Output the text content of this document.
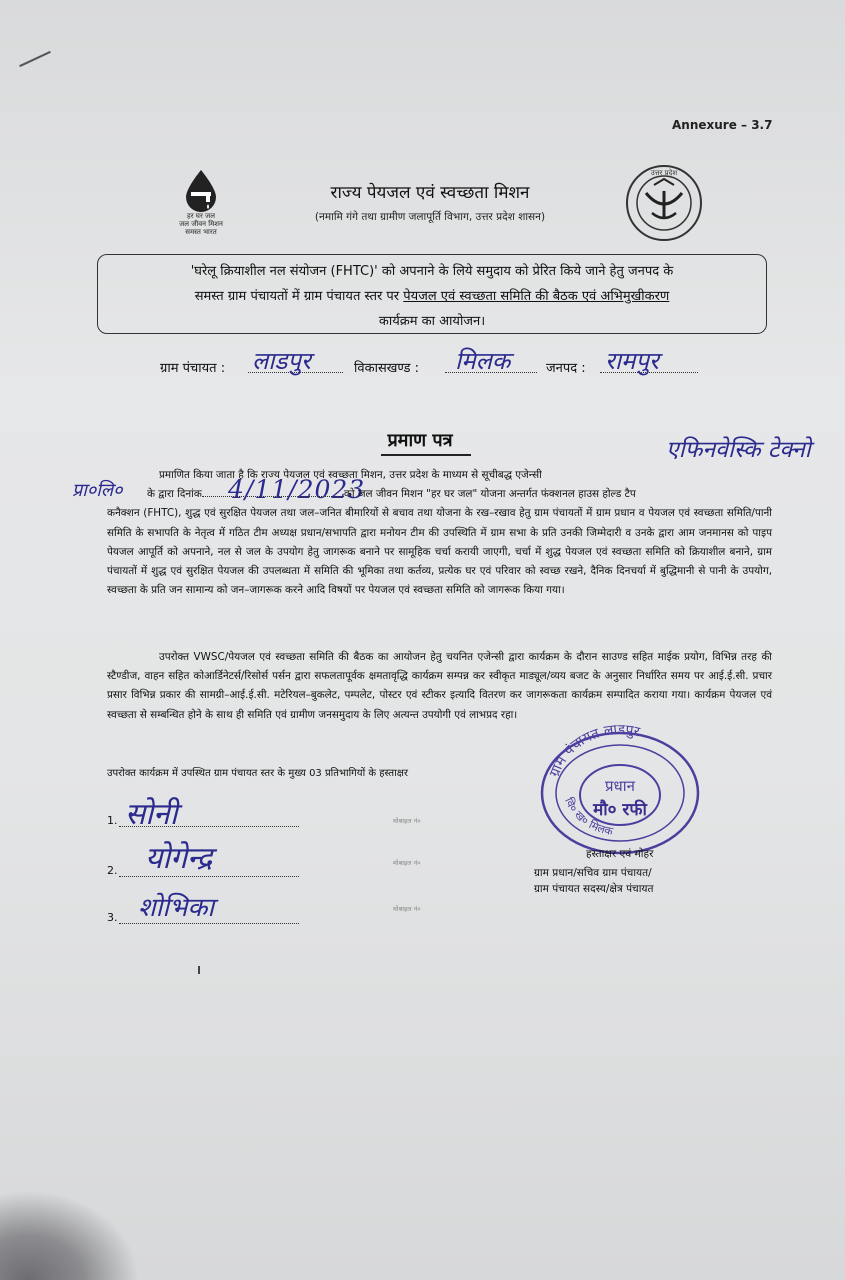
Annexure – 3.7
हर घर जल
जल जीवन मिशन
समस्त भारत
राज्य पेयजल एवं स्वच्छता मिशन
(नमामि गंगे तथा ग्रामीण जलापूर्ति विभाग, उत्तर प्रदेश शासन)
उत्तर प्रदेश
'घरेलू क्रियाशील नल संयोजन (FHTC)' को अपनाने के लिये समुदाय को प्रेरित किये जाने हेतु जनपद के
समस्त ग्राम पंचायतों में ग्राम पंचायत स्तर पर पेयजल एवं स्वच्छता समिति की बैठक एवं अभिमुखीकरण
कार्यक्रम का आयोजन।
ग्राम पंचायत : लाडपुर	विकासखण्ड : मिलक	जनपद : रामपुर
प्रमाण पत्र	एफिनवेस्कि टेक्नो
प्रा०लि०	4/11/2023
प्रमाणित किया जाता है कि राज्य पेयजल एवं स्वच्छता मिशन, उत्तर प्रदेश के माध्यम से सूचीबद्ध एजेन्सी
के द्वारा दिनांक	को जल जीवन मिशन "हर घर जल" योजना अन्तर्गत फंक्शनल हाउस होल्ड टैप
कनैक्शन (FHTC), शुद्ध एवं सुरक्षित पेयजल तथा जल–जनित बीमारियों से बचाव तथा योजना के रख–रखाव हेतु ग्राम पंचायतों में ग्राम प्रधान व पेयजल एवं स्वच्छता समिति/पानी समिति के सभापति के नेतृत्व में गठित टीम अध्यक्ष प्रधान/सभापति द्वारा मनोयन टीम की उपस्थिति में ग्राम सभा के प्रति उनकी जिम्मेदारी व उनके द्वारा आम जनमानस को पाइप पेयजल आपूर्ति को अपनाने, नल से जल के उपयोग हेतु जागरूक बनाने पर सामूहिक चर्चा करायी जाएगी, चर्चा में शुद्ध पेयजल एवं स्वच्छता समिति को क्रियाशील बनाने, ग्राम पंचायतों में शुद्ध एवं सुरक्षित पेयजल की उपलब्धता में समिति की भूमिका तथा कर्तव्य, प्रत्येक घर एवं परिवार को स्वच्छ रखने, दैनिक दिनचर्या में बुद्धिमानी से पानी के उपयोग, स्वच्छता के प्रति जन सामान्य को जन–जागरूक करने आदि विषयों पर पेयजल एवं स्वच्छता समिति को जागरूक किया गया।
उपरोक्त VWSC/पेयजल एवं स्वच्छता समिति की बैठक का आयोजन हेतु चयनित एजेन्सी द्वारा कार्यक्रम के दौरान साउण्ड सहित माईक प्रयोग, विभिन्न तरह की स्टैण्डीज, वाहन सहित कोआर्डिनेटर्स/रिसोर्स पर्सन द्वारा सफलतापूर्वक क्षमतावृद्धि कार्यक्रम सम्पन्न कर स्वीकृत माड्यूल/व्यय बजट के अनुसार निर्धारित समय पर आई.ई.सी. प्रचार प्रसार विभिन्न प्रकार की सामग्री–आई.ई.सी. मटेरियल–बुकलेट, पम्पलेट, पोस्टर एवं स्टीकर इत्यादि वितरण कर जागरूकता कार्यक्रम सम्पादित कराया गया। कार्यक्रम पेयजल एवं स्वच्छता से सम्बन्धित होने के साथ ही समिति एवं ग्रामीण जनसमुदाय के लिए अत्यन्त उपयोगी एवं लाभप्रद रहा।
उपरोक्त कार्यक्रम में उपस्थित ग्राम पंचायत स्तर के मुख्य 03 प्रतिभागियों के हस्ताक्षर
1. सोनी	मोबाइल नं०
2. योगेन्द्र	मोबाइल नं०
3. शोभिका	मोबाइल नं०
ग्राम पंचायत लाडपुर
वि० ख० मिलक
प्रधान
मौ० रफी
हस्ताक्षर एवं मोहर
ग्राम प्रधान/सचिव ग्राम पंचायत/
ग्राम पंचायत सदस्य/क्षेत्र पंचायत
